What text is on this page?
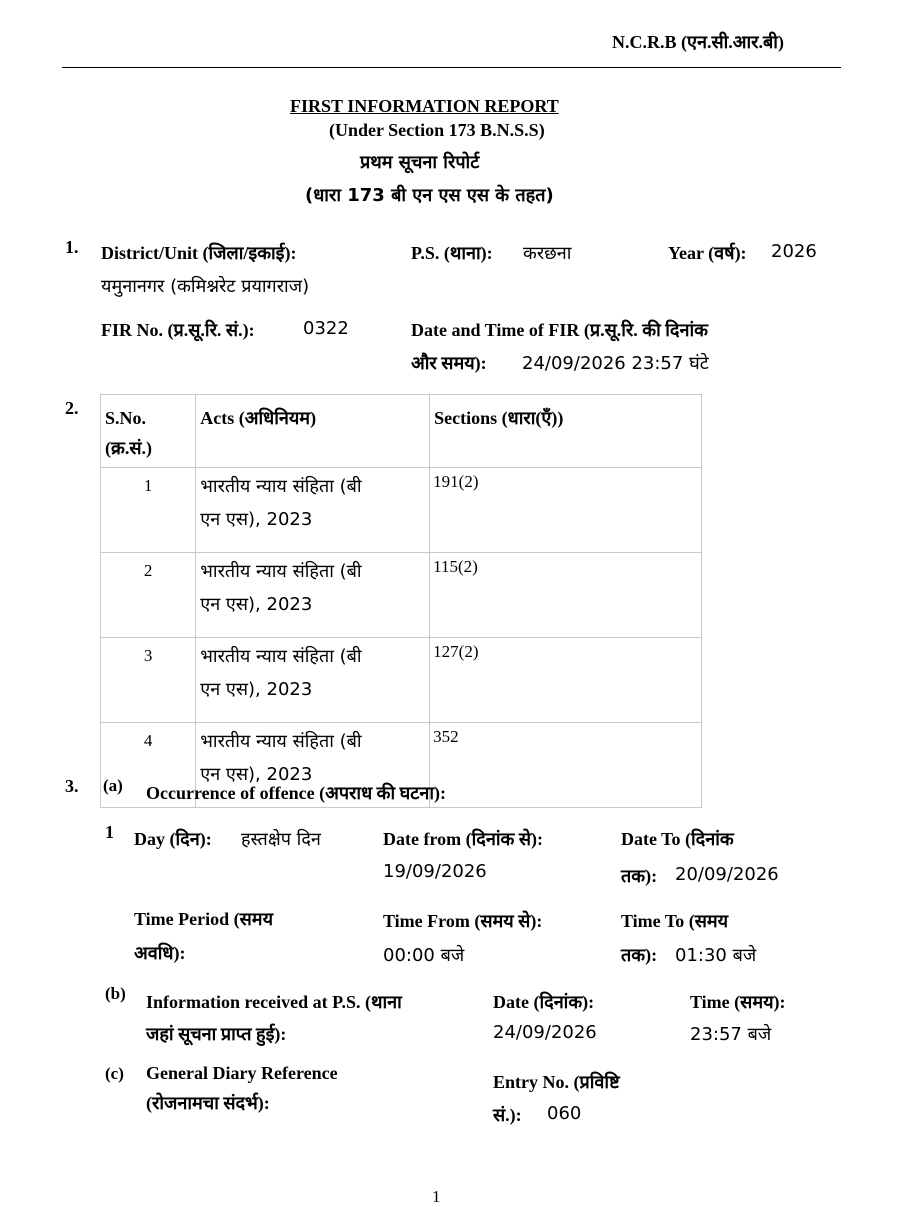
N.C.R.B (एन.सी.आर.बी)
FIRST INFORMATION REPORT
(Under Section 173 B.N.S.S)
प्रथम सूचना रिपोर्ट
(धारा 173 बी एन एस एस के तहत)
1. District/Unit (जिला/इकाई):
यमुनानगर (कमिश्नरेट प्रयागराज)
P.S. (थाना): करछना	Year (वर्ष): 2026
FIR No. (प्र.सू.रि. सं.):	0322	Date and Time of FIR (प्र.सू.रि. की दिनांक
और समय): 24/09/2026 23:57 घंटे
2. S.No.
(क्र.सं.)	Acts (अधिनियम)	Sections (धारा(एँ))
1	भारतीय न्याय संहिता (बी
एन एस), 2023	191(2)
2	भारतीय न्याय संहिता (बी
एन एस), 2023	115(2)
3	भारतीय न्याय संहिता (बी
एन एस), 2023	127(2)
4	भारतीय न्याय संहिता (बी
एन एस), 2023	352
3. (a) Occurrence of offence (अपराध की घटना):
1 Day (दिन): हस्तक्षेप दिन	Date from (दिनांक से):
19/09/2026
Date To (दिनांक
तक): 20/09/2026
Time Period (समय
अवधि):
Time From (समय से):
00:00 बजे
Time To (समय
तक): 01:30 बजे
(b) Information received at P.S. (थाना
जहां सूचना प्राप्त हुई):
Date (दिनांक):
24/09/2026
Time (समय):
23:57 बजे
(c) General Diary Reference
(रोजनामचा संदर्भ):
Entry No. (प्रविष्टि
सं.): 060
1
